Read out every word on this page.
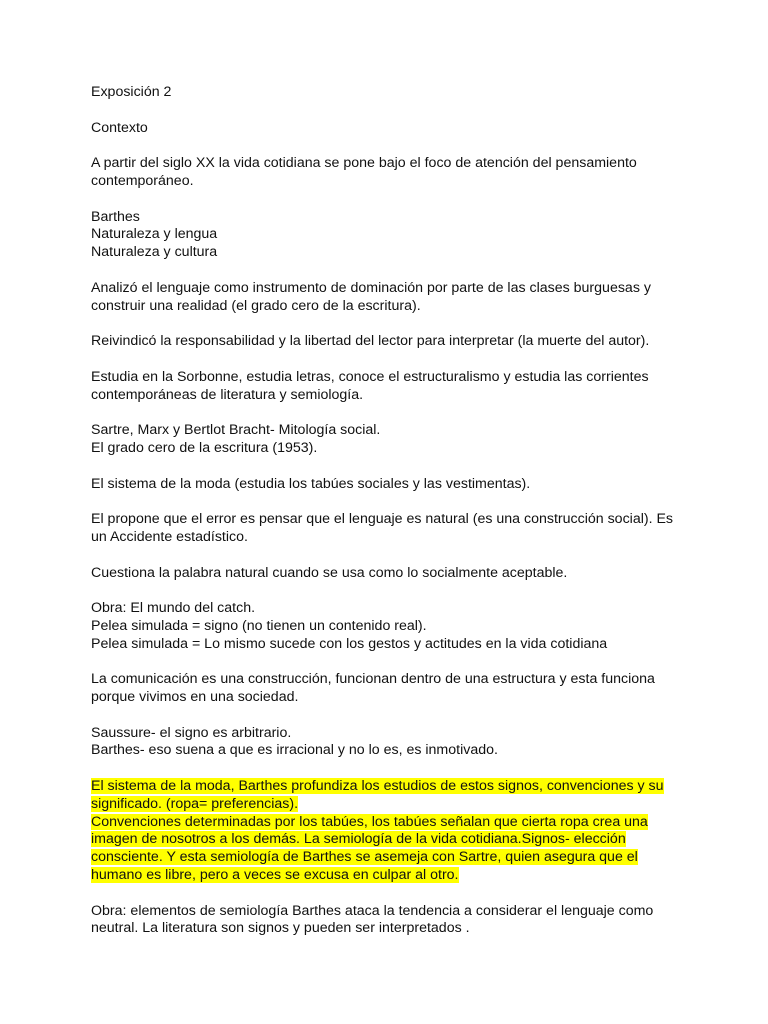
Exposición 2

Contexto

A partir del siglo XX la vida cotidiana se pone bajo el foco de atención del pensamiento
contemporáneo.

Barthes
Naturaleza y lengua
Naturaleza y cultura

Analizó el lenguaje como instrumento de dominación por parte de las clases burguesas y
construir una realidad (el grado cero de la escritura).

Reivindicó la responsabilidad y la libertad del lector para interpretar (la muerte del autor).

Estudia en la Sorbonne, estudia letras, conoce el estructuralismo y estudia las corrientes
contemporáneas de literatura y semiología.

Sartre, Marx y Bertlot Bracht- Mitología social.
El grado cero de la escritura (1953).

El sistema de la moda (estudia los tabúes sociales y las vestimentas).

El propone que el error es pensar que el lenguaje es natural (es una construcción social). Es
un Accidente estadístico.

Cuestiona la palabra natural cuando se usa como lo socialmente aceptable.

Obra: El mundo del catch.
Pelea simulada = signo (no tienen un contenido real).
Pelea simulada = Lo mismo sucede con los gestos y actitudes en la vida cotidiana

La comunicación es una construcción, funcionan dentro de una estructura y esta funciona
porque vivimos en una sociedad.

Saussure- el signo es arbitrario.
Barthes- eso suena a que es irracional y no lo es, es inmotivado.

El sistema de la moda, Barthes profundiza los estudios de estos signos, convenciones y su
significado. (ropa= preferencias).
Convenciones determinadas por los tabúes, los tabúes señalan que cierta ropa crea una
imagen de nosotros a los demás. La semiología de la vida cotidiana.Signos- elección
consciente. Y esta semiología de Barthes se asemeja con Sartre, quien asegura que el
humano es libre, pero a veces se excusa en culpar al otro.

Obra: elementos de semiología Barthes ataca la tendencia a considerar el lenguaje como
neutral. La literatura son signos y pueden ser interpretados .
